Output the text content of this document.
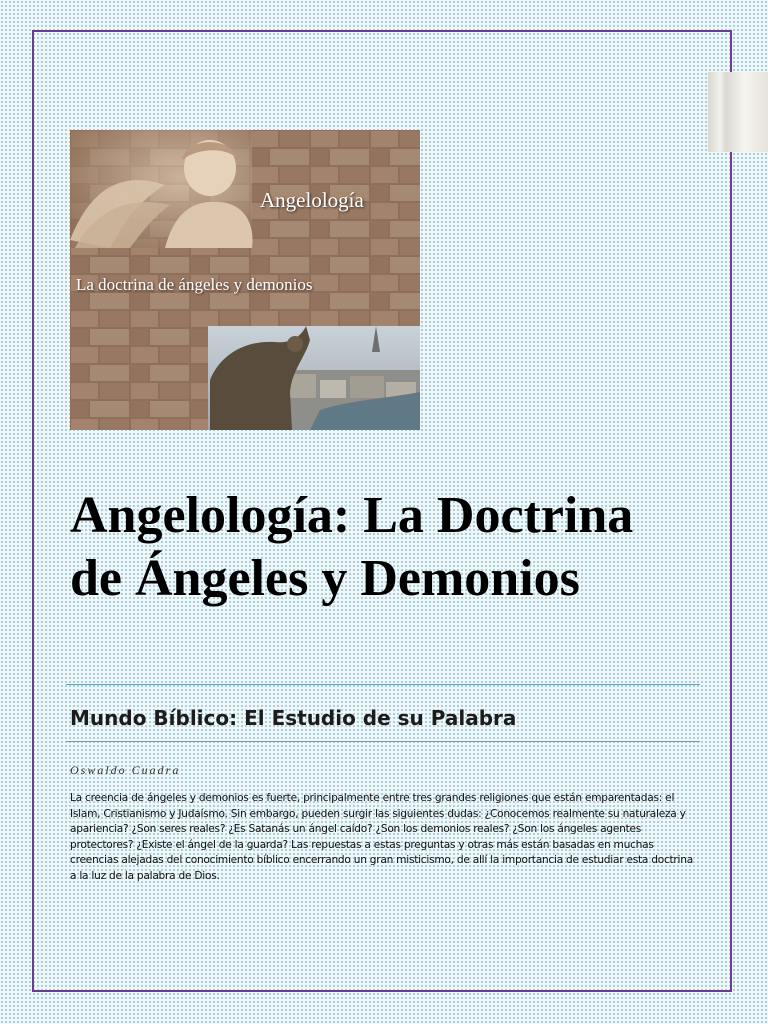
Angelología
La doctrina de ángeles y demonios
Angelología: La Doctrina de Ángeles y Demonios
Mundo Bíblico: El Estudio de su Palabra
Oswaldo Cuadra

La creencia de ángeles y demonios es fuerte, principalmente entre tres grandes religiones que están emparentadas: el Islam, Cristianismo y Judaísmo. Sin embargo, pueden surgir las siguientes dudas: ¿Conocemos realmente su naturaleza y apariencia? ¿Son seres reales? ¿Es Satanás un ángel caído? ¿Son los demonios reales? ¿Son los ángeles agentes protectores? ¿Existe el ángel de la guarda? Las repuestas a estas preguntas y otras más están basadas en muchas creencias alejadas del conocimiento bíblico encerrando un gran misticismo, de allí la importancia de estudiar esta doctrina a la luz de la palabra de Dios.
